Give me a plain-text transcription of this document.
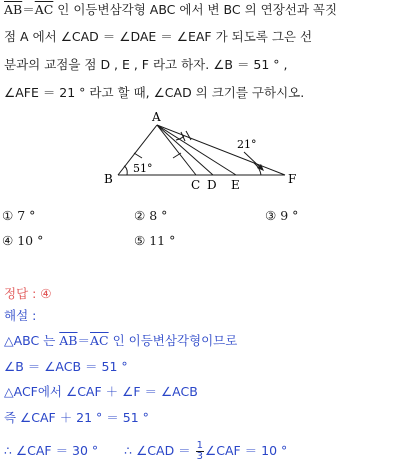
$\overline{AB}=\overline{AC}$ 인 이등변삼각형 ABC 에서 변 BC 의 연장선과 꼭짓
점 A 에서 ∠CAD ＝ ∠DAE ＝ ∠EAF 가 되도록 그은 선
분과의 교점을 점 D , E , F 라고 하자. ∠B ＝ 51 ° ,
∠AFE ＝ 21 ° 라고 할 때, ∠CAD 의 크기를 구하시오.
A
B	C D E	F
51°
21°
① 7 °	② 8 °	③ 9 °
④ 10 °	⑤ 11 °
정답 : ④
해설 :
△ABC 는 $\overline{AB}=\overline{AC}$ 인 이등변삼각형이므로
∠B ＝ ∠ACB ＝ 51 °
△ACF에서 ∠CAF ＋ ∠F ＝ ∠ACB
즉 ∠CAF ＋ 21 ° ＝ 51 °
∴ ∠CAF ＝ 30 ° ∴ ∠CAD ＝ $\frac{1}{3}$ ∠CAF ＝ 10 °
